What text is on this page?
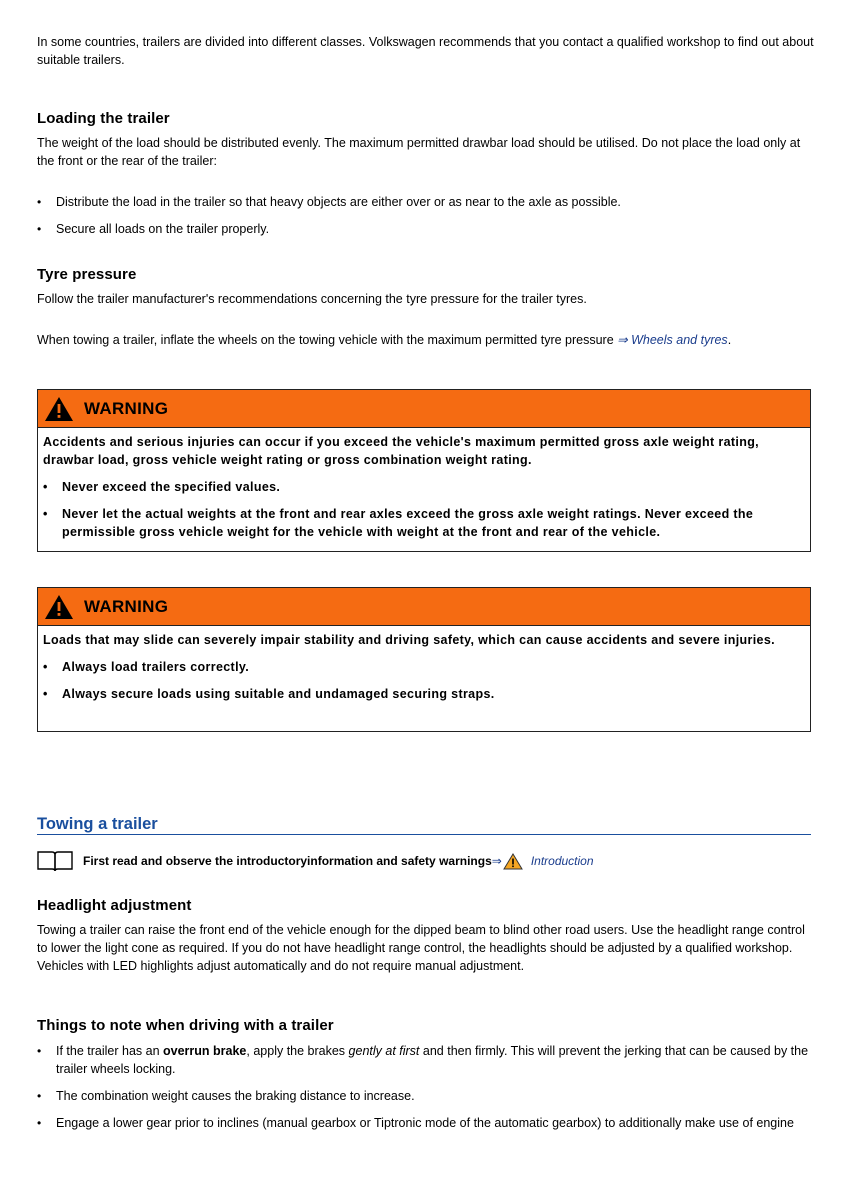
In some countries, trailers are divided into different classes. Volkswagen recommends that you contact a qualified workshop to find out about suitable trailers.

Loading the trailer

The weight of the load should be distributed evenly. The maximum permitted drawbar load should be utilised. Do not place the load only at the front or the rear of the trailer:

•	Distribute the load in the trailer so that heavy objects are either over or as near to the axle as possible.
•	Secure all loads on the trailer properly.
Tyre pressure

Follow the trailer manufacturer's recommendations concerning the tyre pressure for the trailer tyres.

When towing a trailer, inflate the wheels on the towing vehicle with the maximum permitted tyre pressure ⇒ Wheels and tyres.

WARNING
Accidents and serious injuries can occur if you exceed the vehicle's maximum permitted gross axle weight rating, drawbar load, gross vehicle weight rating or gross combination weight rating.
•	Never exceed the specified values.
•	Never let the actual weights at the front and rear axles exceed the gross axle weight ratings. Never exceed the permissible gross vehicle weight for the vehicle with weight at the front and rear of the vehicle.
WARNING
Loads that may slide can severely impair stability and driving safety, which can cause accidents and severe injuries.
•	Always load trailers correctly.
•	Always secure loads using suitable and undamaged securing straps.
Towing a trailer
First read and observe the introductoryinformation and safety warnings ⇒ Introduction
Headlight adjustment

Towing a trailer can raise the front end of the vehicle enough for the dipped beam to blind other road users. Use the headlight range control to lower the light cone as required. If you do not have headlight range control, the headlights should be adjusted by a qualified workshop. Vehicles with LED highlights adjust automatically and do not require manual adjustment.

Things to note when driving with a trailer
•	If the trailer has an overrun brake, apply the brakes gently at first and then firmly. This will prevent the jerking that can be caused by the trailer wheels locking.
•	The combination weight causes the braking distance to increase.
•	Engage a lower gear prior to inclines (manual gearbox or Tiptronic mode of the automatic gearbox) to additionally make use of engine
